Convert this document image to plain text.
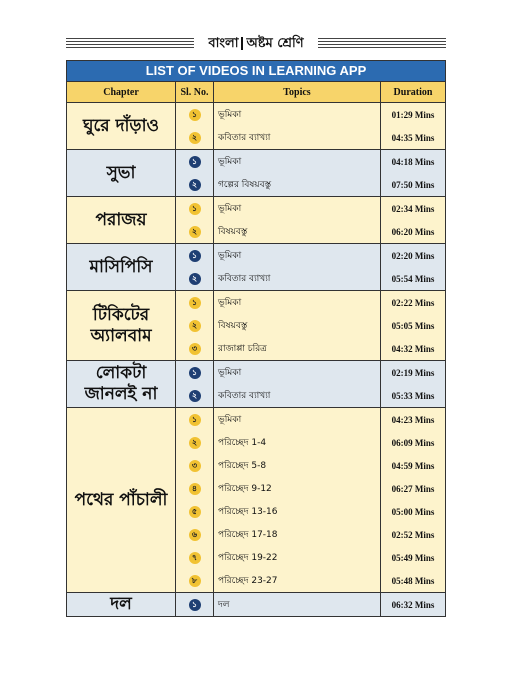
বাংলা অষ্টম শ্রেণি
LIST OF VIDEOS IN LEARNING APP
Chapter	Sl. No.	Topics	Duration
ঘুরে দাঁড়াও
১	ভূমিকা	01:29 Mins
২	কবিতার ব্যাখ্যা	04:35 Mins
সুভা
১	ভূমিকা	04:18 Mins
২	গল্পের বিষয়বস্তু	07:50 Mins
পরাজয়
১	ভূমিকা	02:34 Mins
২	বিষয়বস্তু	06:20 Mins
মাসিপিসি
১	ভূমিকা	02:20 Mins
২	কবিতার ব্যাখ্যা	05:54 Mins
টিকিটের অ্যালবাম
১	ভূমিকা	02:22 Mins
২	বিষয়বস্তু	05:05 Mins
৩	রাজাপ্পা চরিত্র	04:32 Mins
লোকটা জানলই না
১	ভূমিকা	02:19 Mins
২	কবিতার ব্যাখ্যা	05:33 Mins
পথের পাঁচালী
১	ভূমিকা	04:23 Mins
২	পরিচ্ছেদ 1-4	06:09 Mins
৩	পরিচ্ছেদ 5-8	04:59 Mins
৪	পরিচ্ছেদ 9-12	06:27 Mins
৫	পরিচ্ছেদ 13-16	05:00 Mins
৬	পরিচ্ছেদ 17-18	02:52 Mins
৭	পরিচ্ছেদ 19-22	05:49 Mins
৮	পরিচ্ছেদ 23-27	05:48 Mins
দল	১	দল	06:32 Mins
